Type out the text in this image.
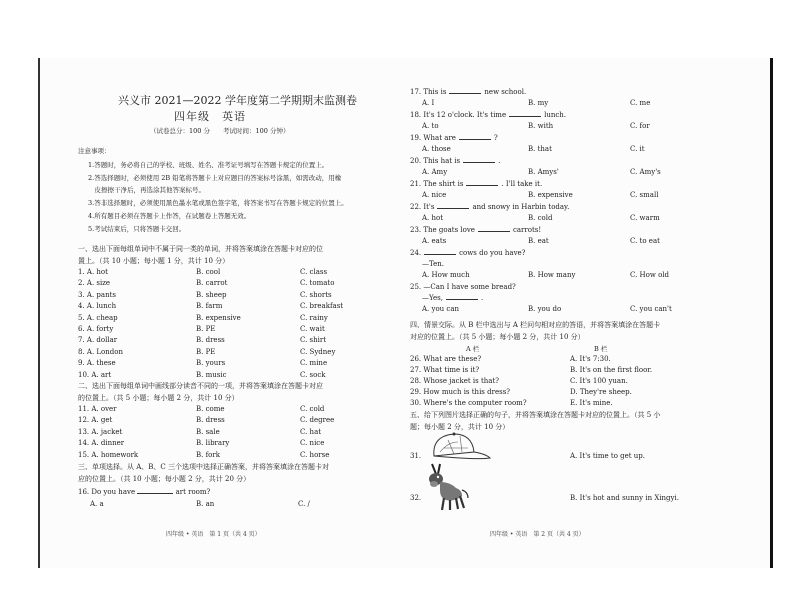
兴义市 2021—2022 学年度第二学期期末监测卷
四年级　英语
（试卷总分：100 分　　考试时间：100 分钟）
注意事项：
1.答题时，务必将自己的学校、班级、姓名、准考证号填写在答题卡规定的位置上。
2.答选择题时，必须使用 2B 铅笔将答题卡上对应题目的答案标号涂黑，如需改动，用橡
　皮擦擦干净后，再选涂其他答案标号。
3.答非选择题时，必须使用黑色墨水笔或黑色签字笔，将答案书写在答题卡规定的位置上。
4.所有题目必须在答题卡上作答，在试题卷上答题无效。
5.考试结束后，只将答题卡交回。
一、选出下面每组单词中不属于同一类的单词，并将答案填涂在答题卡对应的位
置上。（共 10 小题；每小题 1 分，共计 10 分）
1. A. hot	B. cool	C. class
2. A. size	B. carrot	C. tomato
3. A. pants	B. sheep	C. shorts
4. A. lunch	B. farm	C. breakfast
5. A. cheap	B. expensive	C. rainy
6. A. forty	B. PE	C. wait
7. A. dollar	B. dress	C. shirt
8. A. London	B. PE	C. Sydney
9. A. these	B. yours	C. mine
10. A. art	B. music	C. sock
二、选出下面每组单词中画线部分读音不同的一项，并将答案填涂在答题卡对应
的位置上。（共 5 小题；每小题 2 分，共计 10 分）
11. A. over	B. come	C. cold
12. A. get	B. dress	C. degree
13. A. jacket	B. sale	C. hat
14. A. dinner	B. library	C. nice
15. A. homework	B. fork	C. horse
三、单项选择。从 A、B、C 三个选项中选择正确答案，并将答案填涂在答题卡对
应的位置上。（共 10 小题；每小题 2 分，共计 20 分）
16. Do you have	art room?
A. a	B. an	C. /
四年级 • 英语　第 1 页（共 4 页）
17. This is	new school.
A. I	B. my	C. me
18. It's 12 o'clock. It's time	lunch.
A. to	B. with	C. for
19. What are	?
A. those	B. that	C. it
20. This hat is	.
A. Amy	B. Amys'	C. Amy's
21. The shirt is	. I'll take it.
A. nice	B. expensive	C. small
22. It's	and snowy in Harbin today.
A. hot	B. cold	C. warm
23. The goats love	carrots!
A. eats	B. eat	C. to eat
24.	cows do you have?
—Ten.
A. How much	B. How many	C. How old
25. —Can I have some bread?
—Yes,	.
A. you can	B. you do	C. you can't
四、情景交际。从 B 栏中选出与 A 栏问句相对应的答语，并将答案填涂在答题卡
对应的位置上。（共 5 小题；每小题 2 分，共计 10 分）
A 栏	B 栏
26. What are these?	A. It's 7:30.
27. What time is it?	B. It's on the first floor.
28. Whose jacket is that?	C. It's 100 yuan.
29. How much is this dress?	D. They're sheep.
30. Where's the computer room?	E. It's mine.
五、给下列图片选择正确的句子，并将答案填涂在答题卡对应的位置上。（共 5 小
题；每小题 2 分，共计 10 分）
31.	A. It's time to get up.
32.	B. It's hot and sunny in Xingyi.
四年级 • 英语　第 2 页（共 4 页）
